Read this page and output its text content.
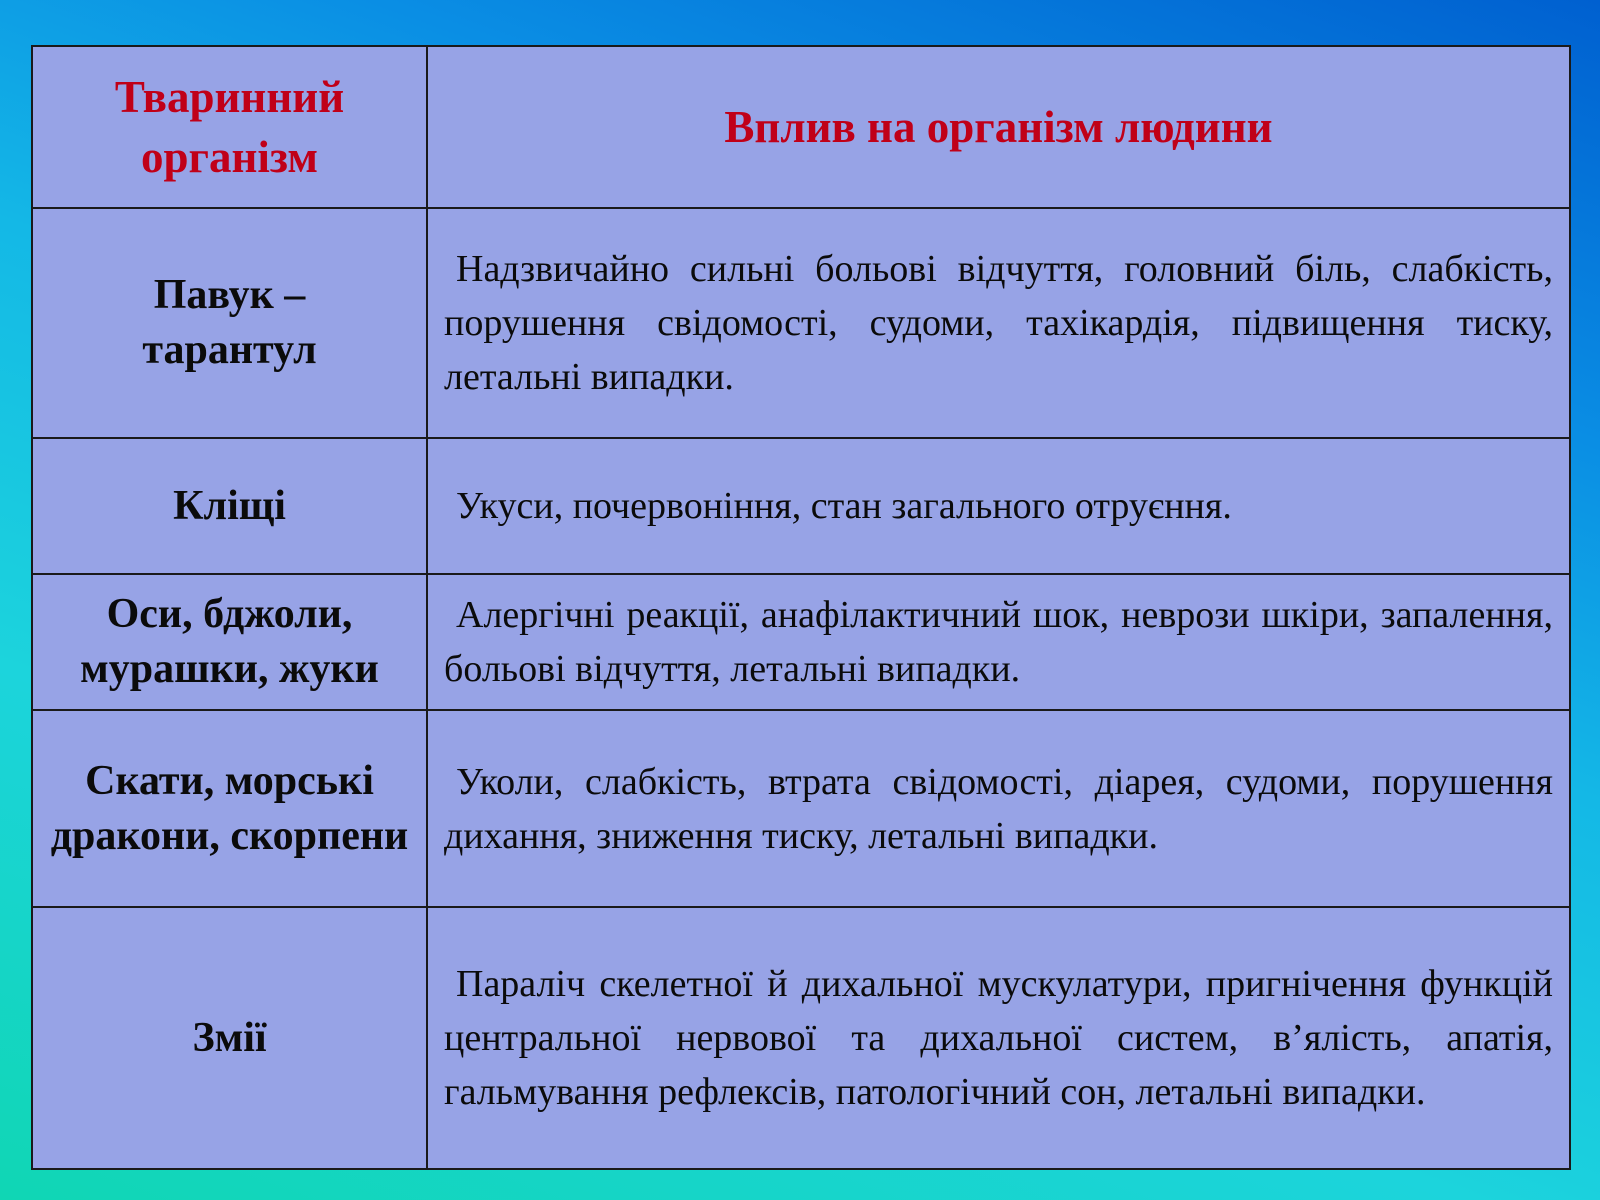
Тваринний організм	Вплив на організм людини
Павук – тарантул	Надзвичайно сильні больові відчуття, головний біль, слабкість, порушення свідомості, судоми, тахікардія, підвищення тиску, летальні випадки.

Кліщі	Укуси, почервоніння, стан загального отруєння.

Оси, бджоли, мурашки, жуки	Алергічні реакції, анафілактичний шок, неврози шкіри, запалення, больові відчуття, летальні випадки.

Скати, морські дракони, скорпени	Уколи, слабкість, втрата свідомості, діарея, судоми, порушення дихання, зниження тиску, летальні випадки.

Змії	Параліч скелетної й дихальної мускулатури, пригнічення функцій центральної нервової та дихальної систем, в’ялість, апатія, гальмування рефлексів, патологічний сон, летальні випадки.
